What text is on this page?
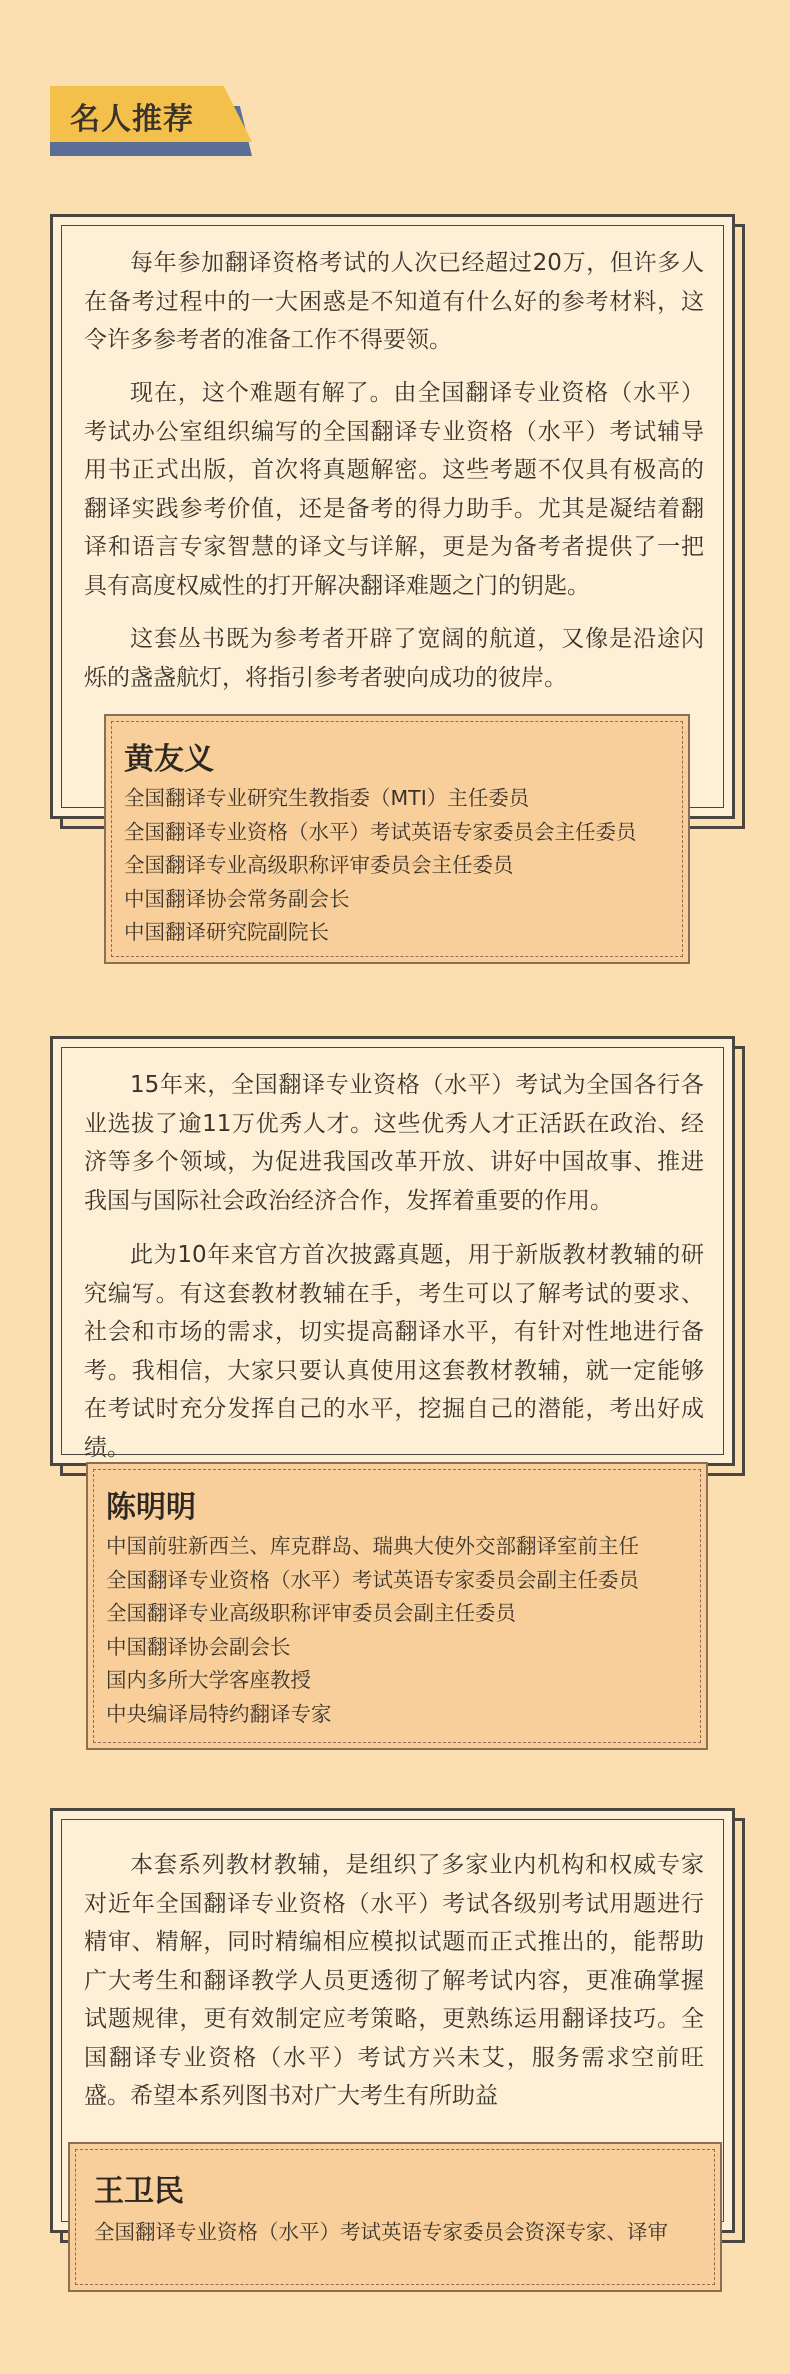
名人推荐
每年参加翻译资格考试的人次已经超过20万，但许多人在备考过程中的一大困惑是不知道有什么好的参考材料，这令许多参考者的准备工作不得要领。
现在，这个难题有解了。由全国翻译专业资格（水平）考试办公室组织编写的全国翻译专业资格（水平）考试辅导用书正式出版，首次将真题解密。这些考题不仅具有极高的翻译实践参考价值，还是备考的得力助手。尤其是凝结着翻译和语言专家智慧的译文与详解，更是为备考者提供了一把具有高度权威性的打开解决翻译难题之门的钥匙。
这套丛书既为参考者开辟了宽阔的航道，又像是沿途闪烁的盏盏航灯，将指引参考者驶向成功的彼岸。
黄友义
全国翻译专业研究生教指委（MTI）主任委员
全国翻译专业资格（水平）考试英语专家委员会主任委员
全国翻译专业高级职称评审委员会主任委员
中国翻译协会常务副会长
中国翻译研究院副院长
15年来，全国翻译专业资格（水平）考试为全国各行各业选拔了逾11万优秀人才。这些优秀人才正活跃在政治、经济等多个领域，为促进我国改革开放、讲好中国故事、推进我国与国际社会政治经济合作，发挥着重要的作用。
此为10年来官方首次披露真题，用于新版教材教辅的研究编写。有这套教材教辅在手，考生可以了解考试的要求、社会和市场的需求，切实提高翻译水平，有针对性地进行备考。我相信，大家只要认真使用这套教材教辅，就一定能够在考试时充分发挥自己的水平，挖掘自己的潜能，考出好成绩。
陈明明
中国前驻新西兰、库克群岛、瑞典大使外交部翻译室前主任
全国翻译专业资格（水平）考试英语专家委员会副主任委员
全国翻译专业高级职称评审委员会副主任委员
中国翻译协会副会长
国内多所大学客座教授
中央编译局特约翻译专家
本套系列教材教辅，是组织了多家业内机构和权威专家对近年全国翻译专业资格（水平）考试各级别考试用题进行精审、精解，同时精编相应模拟试题而正式推出的，能帮助广大考生和翻译教学人员更透彻了解考试内容，更准确掌握试题规律，更有效制定应考策略，更熟练运用翻译技巧。全国翻译专业资格（水平）考试方兴未艾，服务需求空前旺盛。希望本系列图书对广大考生有所助益
王卫民
全国翻译专业资格（水平）考试英语专家委员会资深专家、译审
